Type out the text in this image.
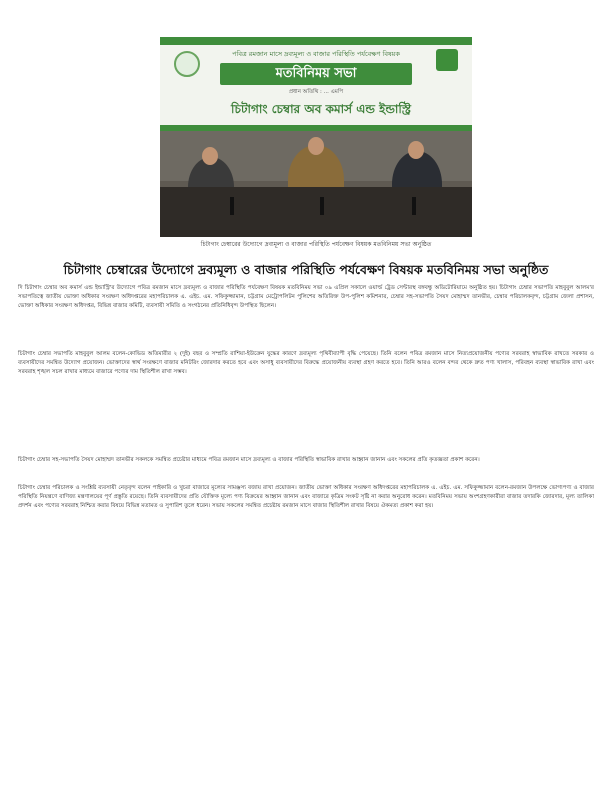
পবিত্র রমজান মাসে দ্রব্যমূল্য ও বাজার পরিস্থিতি পর্যবেক্ষণ বিষয়ক
মতবিনিময় সভা
প্রধান অতিথি : ... এমপি
চিটাগাং চেম্বার অব কমার্স এন্ড ইন্ডাস্ট্রি
চিটাগাং চেম্বারের উদ্যোগে দ্রব্যমূল্য ও বাজার পরিস্থিতি পর্যবেক্ষণ বিষয়ক মতবিনিময় সভা অনুষ্ঠিত
চিটাগাং চেম্বারের উদ্যোগে দ্রব্যমূল্য ও বাজার পরিস্থিতি পর্যবেক্ষণ বিষয়ক মতবিনিময় সভা অনুষ্ঠিত

দি চিটাগাং চেম্বার অব কমার্স এন্ড ইন্ডাস্ট্রি'র উদ্যোগে পবিত্র রমজান মাসে দ্রব্যমূল্য ও বাজার পরিস্থিতি পর্যবেক্ষণ বিষয়ক মতবিনিময় সভা ০৯ এপ্রিল সকালে ওয়ার্ল্ড ট্রেড সেন্টারস্থ বঙ্গবন্ধু অডিটোরিয়ামে অনুষ্ঠিত হয়। চিটাগাং চেম্বার সভাপতি মাহবুবুল আলম'র সভাপতিত্বে জাতীয় ভোক্তা অধিকার সংরক্ষণ অধিদপ্তরের মহাপরিচালক এ. এইচ. এম. সফিকুজ্জামান, চট্টগ্রাম মেট্রোপলিটন পুলিশের অতিরিক্ত উপ-পুলিশ কমিশনার, চেম্বার সহ-সভাপতি সৈয়দ মোহাম্মদ তানভীর, চেম্বার পরিচালকবৃন্দ, চট্টগ্রাম জেলা প্রশাসন, ভোক্তা অধিকার সংরক্ষণ অধিদপ্তর, বিভিন্ন বাজার কমিটি, ব্যবসায়ী সমিতি ও সংগঠনের প্রতিনিধিবৃন্দ উপস্থিত ছিলেন।

চিটাগাং চেম্বার সভাপতি মাহবুবুল আলম বলেন-কোভিড অতিমারীর ২ (দুই) বছর ও সম্প্রতি রাশিয়া-ইউক্রেন যুদ্ধের কারণে দ্রব্যমূল্য পৃথিবীব্যাপী বৃদ্ধি পেয়েছে। তিনি বলেন পবিত্র রমজান মাসে নিত্যপ্রয়োজনীয় পণ্যের সরবরাহ স্বাভাবিক রাখতে সরকার ও ব্যবসায়ীদের সমন্বিত উদ্যোগ প্রয়োজন। ভোক্তাদের স্বার্থ সংরক্ষণে বাজার মনিটরিং জোরদার করতে হবে এবং অসাধু ব্যবসায়ীদের বিরুদ্ধে প্রয়োজনীয় ব্যবস্থা গ্রহণ করতে হবে। তিনি আরও বলেন বন্দর থেকে দ্রুত পণ্য খালাস, পরিবহন ব্যবস্থা স্বাভাবিক রাখা এবং সরবরাহ শৃঙ্খল সচল রাখার মাধ্যমে বাজারে পণ্যের দাম স্থিতিশীল রাখা সম্ভব।

চিটাগাং চেম্বার সহ-সভাপতি সৈয়দ মোহাম্মদ তানভীর সকলকে সমন্বিত প্রচেষ্টার মাধ্যমে পবিত্র রমজান মাসে দ্রব্যমূল্য ও বাজার পরিস্থিতি স্বাভাবিক রাখার আহ্বান জানান এবং সকলের প্রতি কৃতজ্ঞতা প্রকাশ করেন।

চিটাগাং চেম্বার পরিচালক ও সংশ্লিষ্ট ব্যবসায়ী নেতৃবৃন্দ বলেন পাইকারি ও খুচরা বাজারে মূল্যের সামঞ্জস্য বজায় রাখা প্রয়োজন। জাতীয় ভোক্তা অধিকার সংরক্ষণ অধিদপ্তরের মহাপরিচালক এ. এইচ. এম. সফিকুজ্জামান বলেন-রমজান উপলক্ষে ভোগ্যপণ্য ও বাজার পরিস্থিতি নিয়ন্ত্রণে বাণিজ্য মন্ত্রণালয়ের পূর্ণ প্রস্তুতি রয়েছে। তিনি ব্যবসায়ীদের প্রতি যৌক্তিক মূল্যে পণ্য বিক্রয়ের আহ্বান জানান এবং বাজারে কৃত্রিম সংকট সৃষ্টি না করার অনুরোধ করেন। মতবিনিময় সভায় অংশগ্রহণকারীরা বাজার তদারকি জোরদার, মূল্য তালিকা প্রদর্শন এবং পণ্যের সরবরাহ নিশ্চিত করার বিষয়ে বিভিন্ন মতামত ও সুপারিশ তুলে ধরেন। সভায় সকলের সমন্বিত প্রচেষ্টায় রমজান মাসে বাজার স্থিতিশীল রাখার বিষয়ে ঐকমত্য প্রকাশ করা হয়।
